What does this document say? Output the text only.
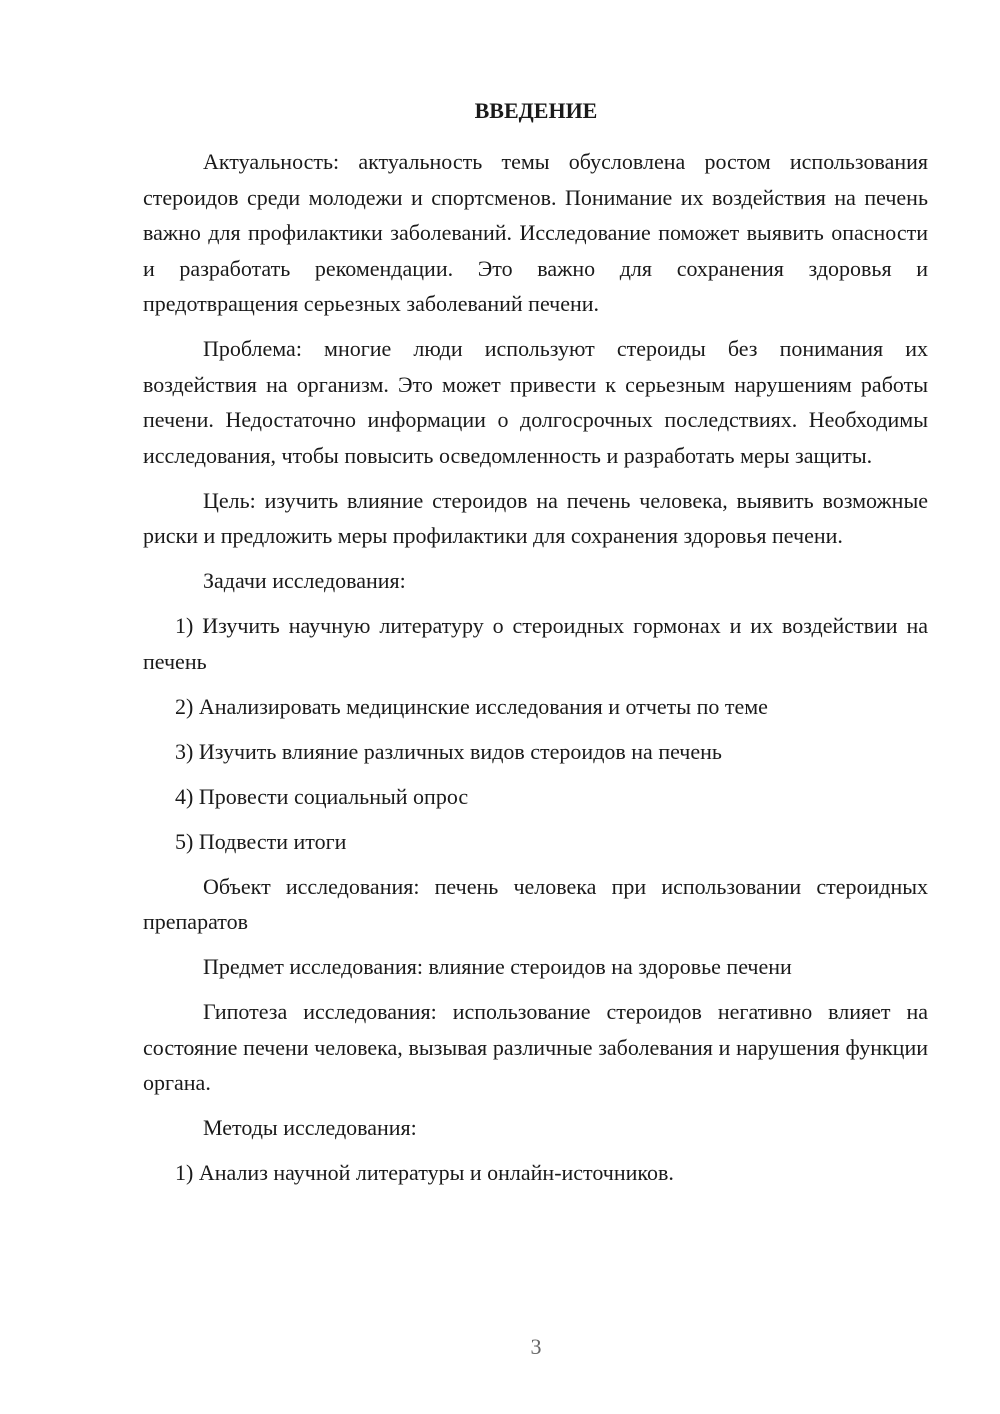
ВВЕДЕНИЕ

Актуальность: актуальность темы обусловлена ростом использования стероидов среди молодежи и спортсменов. Понимание их воздействия на печень важно для профилактики заболеваний. Исследование поможет выявить опасности и разработать рекомендации. Это важно для сохранения здоровья и предотвращения серьезных заболеваний печени.

Проблема: многие люди используют стероиды без понимания их воздействия на организм. Это может привести к серьезным нарушениям работы печени. Недостаточно информации о долгосрочных последствиях. Необходимы исследования, чтобы повысить осведомленность и разработать меры защиты.

Цель: изучить влияние стероидов на печень человека, выявить возможные риски и предложить меры профилактики для сохранения здоровья печени.

Задачи исследования:

1) Изучить научную литературу о стероидных гормонах и их воздействии на печень

2) Анализировать медицинские исследования и отчеты по теме

3) Изучить влияние различных видов стероидов на печень

4) Провести социальный опрос

5) Подвести итоги

Объект исследования: печень человека при использовании стероидных препаратов

Предмет исследования: влияние стероидов на здоровье печени

Гипотеза исследования: использование стероидов негативно влияет на состояние печени человека, вызывая различные заболевания и нарушения функции органа.

Методы исследования:

1) Анализ научной литературы и онлайн-источников.

3
